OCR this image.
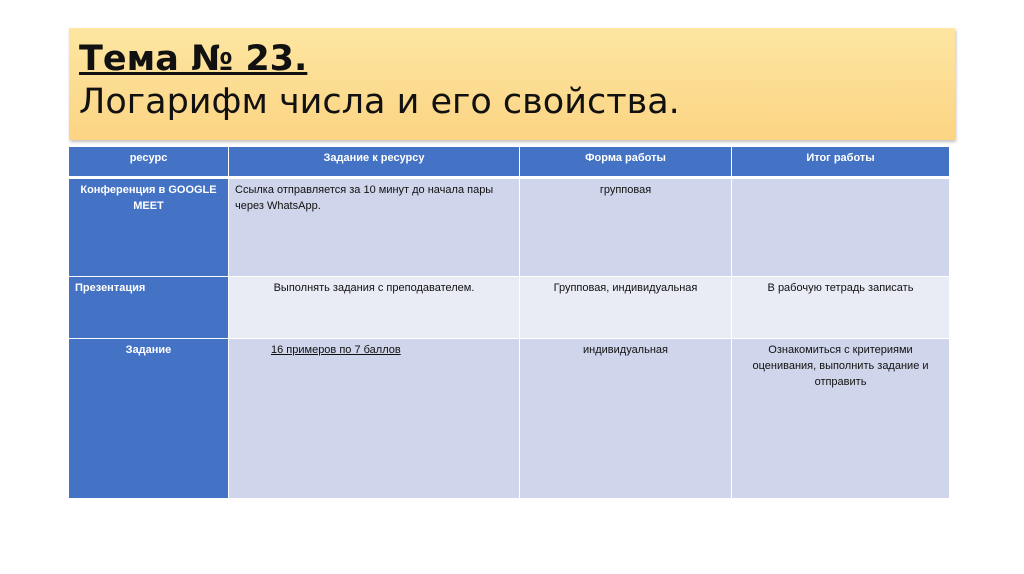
Тема № 23.
Логарифм числа и его свойства.
ресурс	Задание к ресурсу	Форма работы	Итог работы
Конференция в GOOGLE MEET	Ссылка отправляется за 10 минут до начала пары через WhatsApp.	групповая	
Презентация	Выполнять задания с преподавателем.	Групповая, индивидуальная	В рабочую тетрадь записать
Задание	16 примеров по 7 баллов	индивидуальная	Ознакомиться с критериями оценивания, выполнить задание и отправить
